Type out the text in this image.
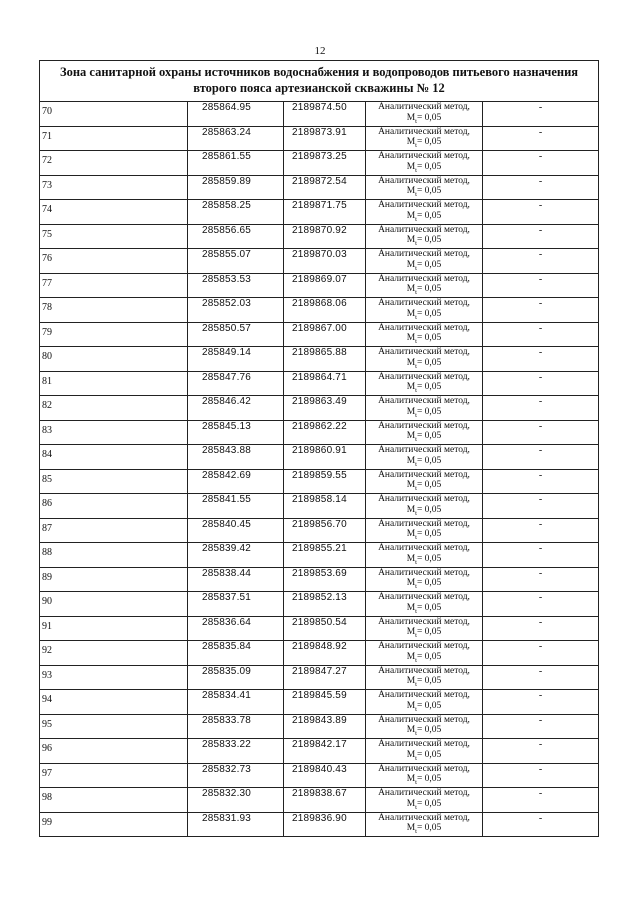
12
Зона санитарной охраны источников водоснабжения и водопроводов питьевого назначения
второго пояса артезианской скважины № 12				

70	285864.95	2189874.50	Аналитический метод,
$M_t= 0,05$	-
71	285863.24	2189873.91	Аналитический метод,
$M_t= 0,05$	-
72	285861.55	2189873.25	Аналитический метод,
$M_t= 0,05$	-
73	285859.89	2189872.54	Аналитический метод,
$M_t= 0,05$	-
74	285858.25	2189871.75	Аналитический метод,
$M_t= 0,05$	-
75	285856.65	2189870.92	Аналитический метод,
$M_t= 0,05$	-
76	285855.07	2189870.03	Аналитический метод,
$M_t= 0,05$	-
77	285853.53	2189869.07	Аналитический метод,
$M_t= 0,05$	-
78	285852.03	2189868.06	Аналитический метод,
$M_t= 0,05$	-
79	285850.57	2189867.00	Аналитический метод,
$M_t= 0,05$	-
80	285849.14	2189865.88	Аналитический метод,
$M_t= 0,05$	-
81	285847.76	2189864.71	Аналитический метод,
$M_t= 0,05$	-
82	285846.42	2189863.49	Аналитический метод,
$M_t= 0,05$	-
83	285845.13	2189862.22	Аналитический метод,
$M_t= 0,05$	-
84	285843.88	2189860.91	Аналитический метод,
$M_t= 0,05$	-
85	285842.69	2189859.55	Аналитический метод,
$M_t= 0,05$	-
86	285841.55	2189858.14	Аналитический метод,
$M_t= 0,05$	-
87	285840.45	2189856.70	Аналитический метод,
$M_t= 0,05$	-
88	285839.42	2189855.21	Аналитический метод,
$M_t= 0,05$	-
89	285838.44	2189853.69	Аналитический метод,
$M_t= 0,05$	-
90	285837.51	2189852.13	Аналитический метод,
$M_t= 0,05$	-
91	285836.64	2189850.54	Аналитический метод,
$M_t= 0,05$	-
92	285835.84	2189848.92	Аналитический метод,
$M_t= 0,05$	-
93	285835.09	2189847.27	Аналитический метод,
$M_t= 0,05$	-
94	285834.41	2189845.59	Аналитический метод,
$M_t= 0,05$	-
95	285833.78	2189843.89	Аналитический метод,
$M_t= 0,05$	-
96	285833.22	2189842.17	Аналитический метод,
$M_t= 0,05$	-
97	285832.73	2189840.43	Аналитический метод,
$M_t= 0,05$	-
98	285832.30	2189838.67	Аналитический метод,
$M_t= 0,05$	-
99	285831.93	2189836.90	Аналитический метод,
$M_t= 0,05$	-
